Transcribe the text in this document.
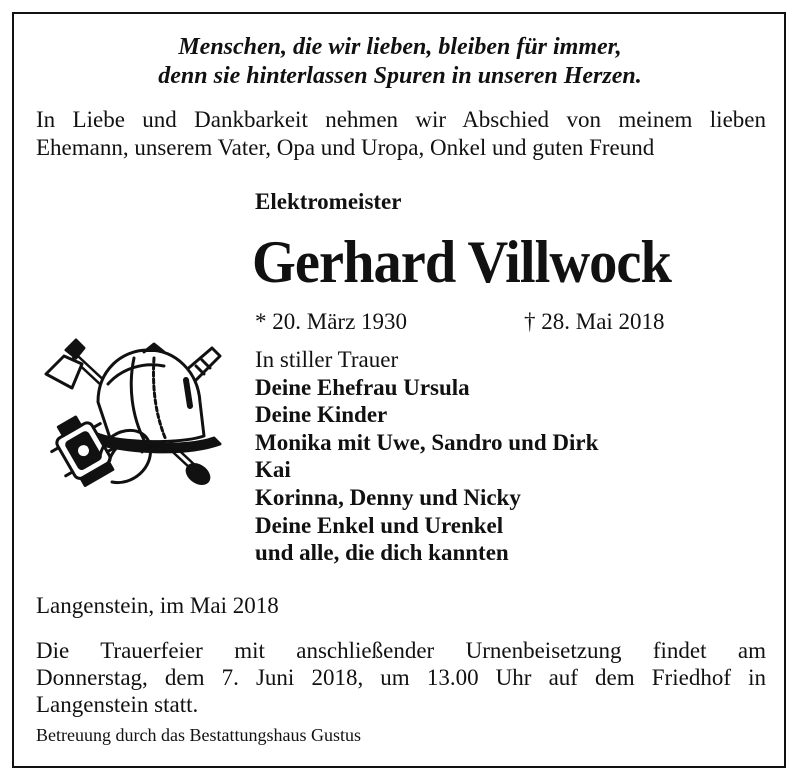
Menschen, die wir lieben, bleiben für immer,
denn sie hinterlassen Spuren in unseren Herzen.
In Liebe und Dankbarkeit nehmen wir Abschied von meinem lieben
Ehemann, unserem Vater, Opa und Uropa, Onkel und guten Freund
Elektromeister
Gerhard Villwock
* 20. März 1930	† 28. Mai 2018
In stiller Trauer
Deine Ehefrau Ursula
Deine Kinder
Monika mit Uwe, Sandro und Dirk
Kai
Korinna, Denny und Nicky
Deine Enkel und Urenkel
und alle, die dich kannten
Langenstein, im Mai 2018
Die Trauerfeier mit anschließender Urnenbeisetzung findet am
Donnerstag, dem 7. Juni 2018, um 13.00 Uhr auf dem Friedhof in
Langenstein statt.
Betreuung durch das Bestattungshaus Gustus
